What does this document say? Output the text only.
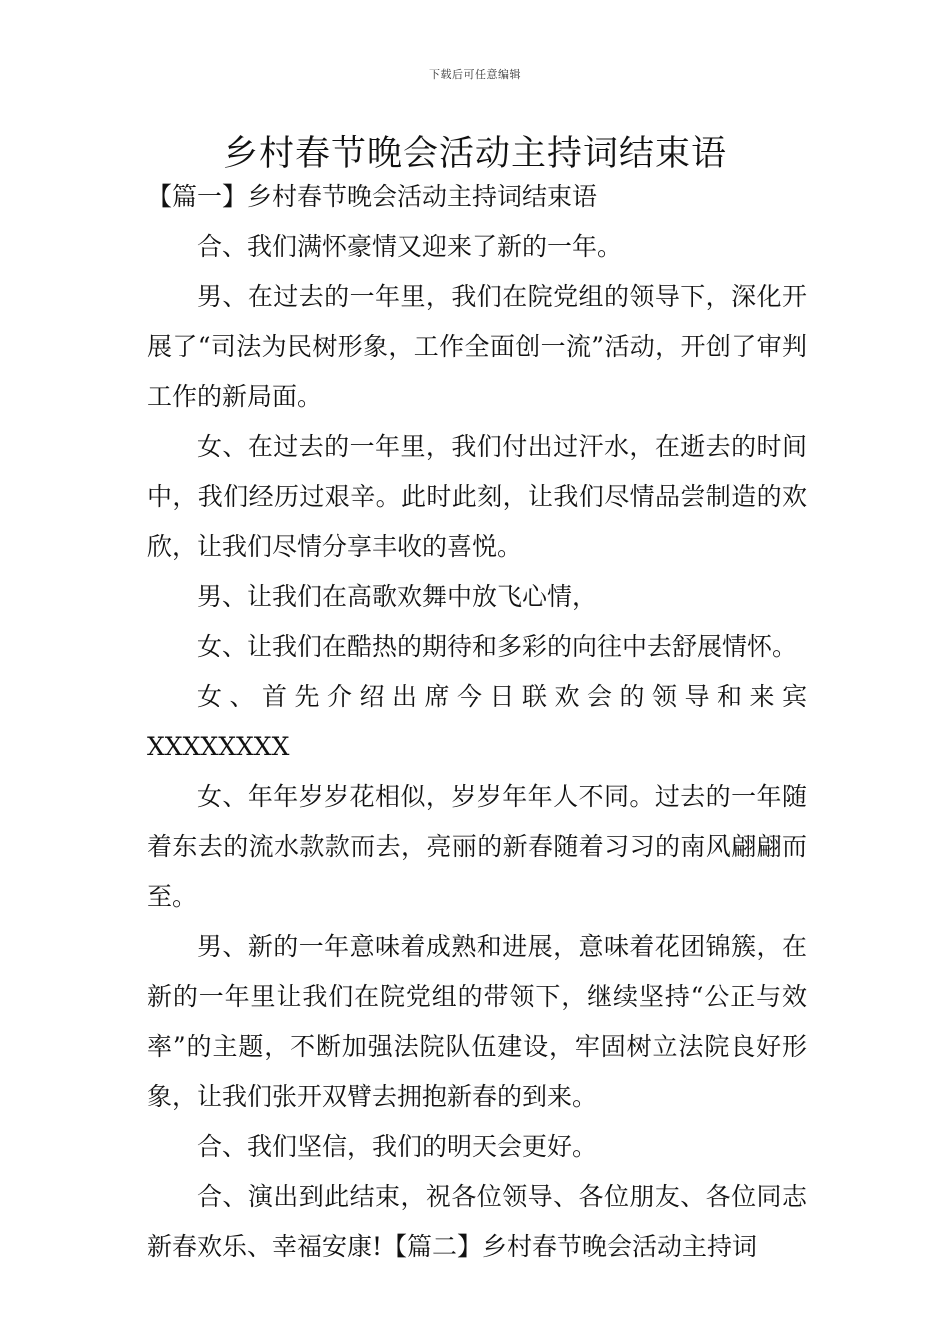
下载后可任意编辑
乡村春节晚会活动主持词结束语

【篇一】乡村春节晚会活动主持词结束语

合、我们满怀豪情又迎来了新的一年。

男、在过去的一年里，我们在院党组的领导下，深化开展了“司法为民树形象，工作全面创一流”活动，开创了审判工作的新局面。

女、在过去的一年里，我们付出过汗水，在逝去的时间中，我们经历过艰辛。此时此刻，让我们尽情品尝制造的欢欣，让我们尽情分享丰收的喜悦。

男、让我们在高歌欢舞中放飞心情，

女、让我们在酷热的期待和多彩的向往中去舒展情怀。

女、首先介绍出席今日联欢会的领导和来宾XXXXXXXX

女、年年岁岁花相似，岁岁年年人不同。过去的一年随着东去的流水款款而去，亮丽的新春随着习习的南风翩翩而至。

男、新的一年意味着成熟和进展，意味着花团锦簇，在新的一年里让我们在院党组的带领下，继续坚持“公正与效率”的主题，不断加强法院队伍建设，牢固树立法院良好形象，让我们张开双臂去拥抱新春的到来。

合、我们坚信，我们的明天会更好。

合、演出到此结束，祝各位领导、各位朋友、各位同志新春欢乐、幸福安康!【篇二】乡村春节晚会活动主持词
